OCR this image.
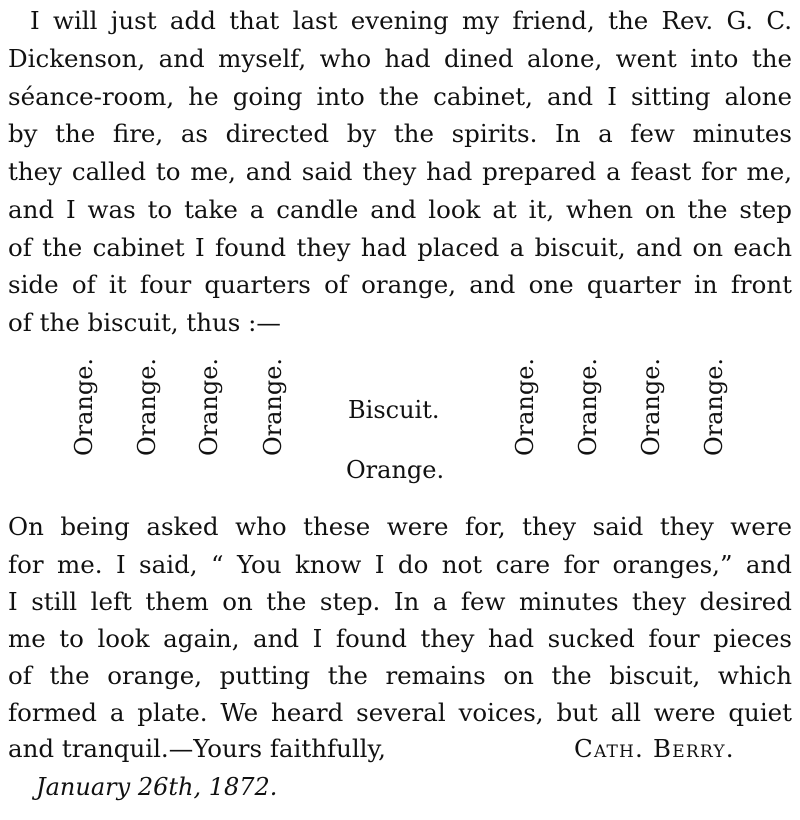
I will just add that last evening my friend, the Rev. G. C.
Dickenson, and myself, who had dined alone, went into the
séance-room, he going into the cabinet, and I sitting alone
by the fire, as directed by the spirits. In a few minutes
they called to me, and said they had prepared a feast for me,
and I was to take a candle and look at it, when on the step
of the cabinet I found they had placed a biscuit, and on each
side of it four quarters of orange, and one quarter in front
of the biscuit, thus :—
Orange. Orange. Orange. Orange.	Biscuit.
Orange.
Orange. Orange. Orange. Orange.
On being asked who these were for, they said they were
for me. I said, “ You know I do not care for oranges,” and
I still left them on the step. In a few minutes they desired
me to look again, and I found they had sucked four pieces
of the orange, putting the remains on the biscuit, which
formed a plate. We heard several voices, but all were quiet
and tranquil.—Yours faithfully,	Cath. Berry.
January 26th, 1872.
